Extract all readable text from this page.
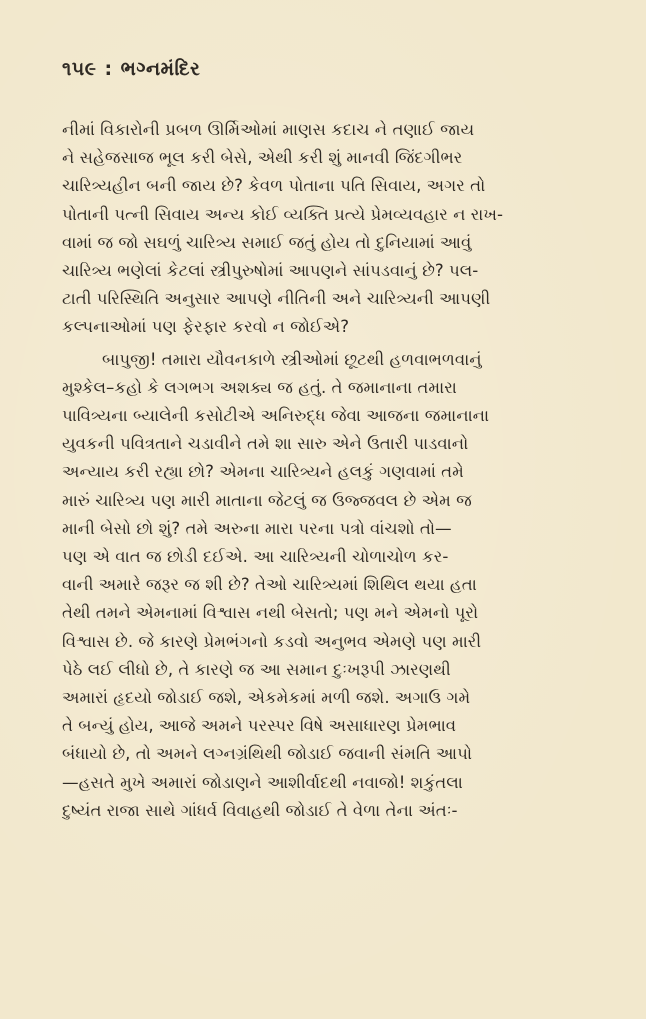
૧૫૯ : ભગ્નમંદિર

નીમાં વિકારોની પ્રબળ ઊર્મિઓમાં માણસ કદાચ ને તણાઈ જાય
ને સહેજસાજ ભૂલ કરી બેસે, એથી કરી શું માનવી જિંદગીભર
ચારિત્ર્યહીન બની જાય છે? કેવળ પોતાના પતિ સિવાય, અગર તો
પોતાની પત્ની સિવાય અન્ય કોઈ વ્યક્તિ પ્રત્યે પ્રેમવ્યવહાર ન રાખ-
વામાં જ જો સઘળું ચારિત્ર્ય સમાઈ જતું હોય તો દુનિયામાં આવું
ચારિત્ર્ય ભણેલાં કેટલાં સ્ત્રીપુરુષોમાં આપણને સાંપડવાનું છે? પલ-
ટાતી પરિસ્થિતિ અનુસાર આપણે નીતિની અને ચારિત્ર્યની આપણી
કલ્પનાઓમાં પણ ફેરફાર કરવો ન જોઈએ?

બાપુજી! તમારા યૌવનકાળે સ્ત્રીઓમાં છૂટથી હળવાભળવાનું
મુશ્કેલ–કહો કે લગભગ અશક્ય જ હતું. તે જમાનાના તમારા
પાવિત્ર્યના બ્યાલેની કસોટીએ અનિરુદ્ધ જેવા આજના જમાનાના
યુવકની પવિત્રતાને ચડાવીને તમે શા સારુ એને ઉતારી પાડવાનો
અન્યાય કરી રહ્યા છો? એમના ચારિત્ર્યને હલકું ગણવામાં તમે
મારું ચારિત્ર્ય પણ મારી માતાના જેટલું જ ઉજ્જવલ છે એમ જ
માની બેસો છો શું? તમે અરુના મારા પરના પત્રો વાંચશો તો—
પણ એ વાત જ છોડી દઈએ. આ ચારિત્ર્યની ચોળાચોળ કર-
વાની અમારે જરૂર જ શી છે? તેઓ ચારિત્ર્યમાં શિથિલ થયા હતા
તેથી તમને એમનામાં વિશ્વાસ નથી બેસતો; પણ મને એમનો પૂરો
વિશ્વાસ છે. જે કારણે પ્રેમભંગનો કડવો અનુભવ એમણે પણ મારી
પેઠે લઈ લીધો છે, તે કારણે જ આ સમાન દુઃખરૂપી ઝારણથી
અમારાં હૃદયો જોડાઈ જશે, એકમેકમાં મળી જશે. અગાઉ ગમે
તે બન્યું હોય, આજે અમને પરસ્પર વિષે અસાધારણ પ્રેમભાવ
બંધાયો છે, તો અમને લગ્નગ્રંથિથી જોડાઈ જવાની સંમતિ આપો
—હસતે મુખે અમારાં જોડાણને આશીર્વાદથી નવાજો! શકુંતલા
દુષ્યંત રાજા સાથે ગાંધર્વ વિવાહથી જોડાઈ તે વેળા તેના અંતઃ-
